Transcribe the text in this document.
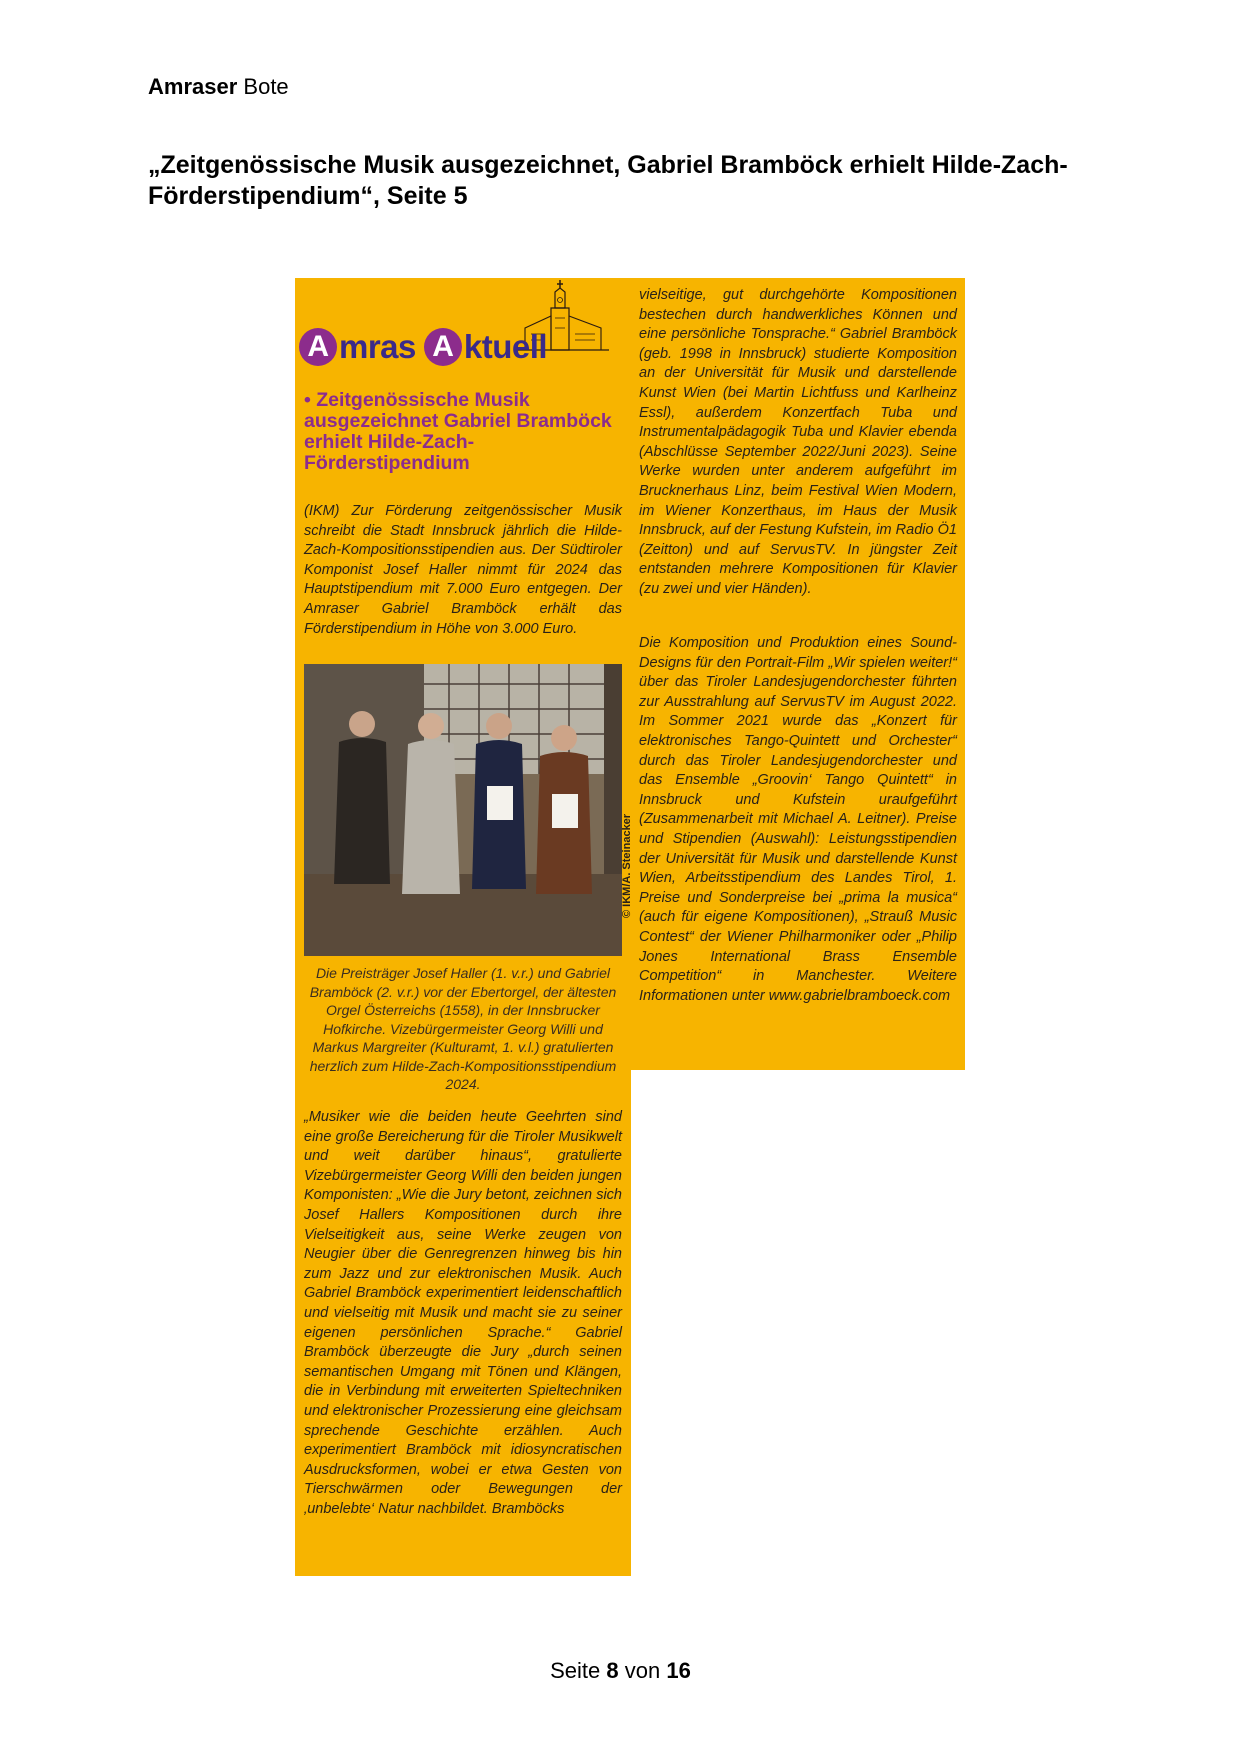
Amraser Bote
„Zeitgenössische Musik ausgezeichnet, Gabriel Bramböck erhielt Hilde-Zach-Förderstipendium“, Seite 5
A mras A ktuell
• Zeitgenössische Musik ausgezeichnet Gabriel Bramböck erhielt Hilde-Zach-Förderstipendium
(IKM) Zur Förderung zeitgenössischer Musik schreibt die Stadt Innsbruck jährlich die Hilde-Zach-Kompositionsstipendien aus. Der Südtiroler Komponist Josef Haller nimmt für 2024 das Hauptstipendium mit 7.000 Euro entgegen. Der Amraser Gabriel Bramböck erhält das Förderstipendium in Höhe von 3.000 Euro.
© IKM/A. Steinacker
Die Preisträger Josef Haller (1. v.r.) und Gabriel Bramböck (2. v.r.) vor der Ebertorgel, der ältesten Orgel Österreichs (1558), in der Innsbrucker Hofkirche. Vizebürgermeister Georg Willi und Markus Margreiter (Kulturamt, 1. v.l.) gratulierten herzlich zum Hilde-Zach-Kompositionsstipendium 2024.
„Musiker wie die beiden heute Geehrten sind eine große Bereicherung für die Tiroler Musikwelt und weit darüber hinaus“, gratulierte Vizebürgermeister Georg Willi den beiden jungen Komponisten: „Wie die Jury betont, zeichnen sich Josef Hallers Kompositionen durch ihre Vielseitigkeit aus, seine Werke zeugen von Neugier über die Genregrenzen hinweg bis hin zum Jazz und zur elektronischen Musik. Auch Gabriel Bramböck experimentiert leidenschaftlich und vielseitig mit Musik und macht sie zu seiner eigenen persönlichen Sprache.“ Gabriel Bramböck überzeugte die Jury „durch seinen semantischen Umgang mit Tönen und Klängen, die in Verbindung mit erweiterten Spieltechniken und elektronischer Prozessierung eine gleichsam sprechende Geschichte erzählen. Auch experimentiert Bramböck mit idiosyncratischen Ausdrucksformen, wobei er etwa Gesten von Tierschwärmen oder Bewegungen der ‚unbelebte‘ Natur nachbildet. Bramböcks
vielseitige, gut durchgehörte Kompositionen bestechen durch handwerkliches Können und eine persönliche Tonsprache.“ Gabriel Bramböck (geb. 1998 in Innsbruck) studierte Komposition an der Universität für Musik und darstellende Kunst Wien (bei Martin Lichtfuss und Karlheinz Essl), außerdem Konzertfach Tuba und Instrumentalpädagogik Tuba und Klavier ebenda (Abschlüsse September 2022/Juni 2023). Seine Werke wurden unter anderem aufgeführt im Brucknerhaus Linz, beim Festival Wien Modern, im Wiener Konzerthaus, im Haus der Musik Innsbruck, auf der Festung Kufstein, im Radio Ö1 (Zeitton) und auf ServusTV. In jüngster Zeit entstanden mehrere Kompositionen für Klavier (zu zwei und vier Händen).
Die Komposition und Produktion eines Sound-Designs für den Portrait-Film „Wir spielen weiter!“ über das Tiroler Landesjugendorchester führten zur Ausstrahlung auf ServusTV im August 2022. Im Sommer 2021 wurde das „Konzert für elektronisches Tango-Quintett und Orchester“ durch das Tiroler Landesjugendorchester und das Ensemble „Groovin‘ Tango Quintett“ in Innsbruck und Kufstein uraufgeführt (Zusammenarbeit mit Michael A. Leitner). Preise und Stipendien (Auswahl): Leistungsstipendien der Universität für Musik und darstellende Kunst Wien, Arbeitsstipendium des Landes Tirol, 1. Preise und Sonderpreise bei „prima la musica“ (auch für eigene Kompositionen), „Strauß Music Contest“ der Wiener Philharmoniker oder „Philip Jones International Brass Ensemble Competition“ in Manchester. Weitere Informationen unter www.gabrielbramboeck.com
Seite 8 von 16
